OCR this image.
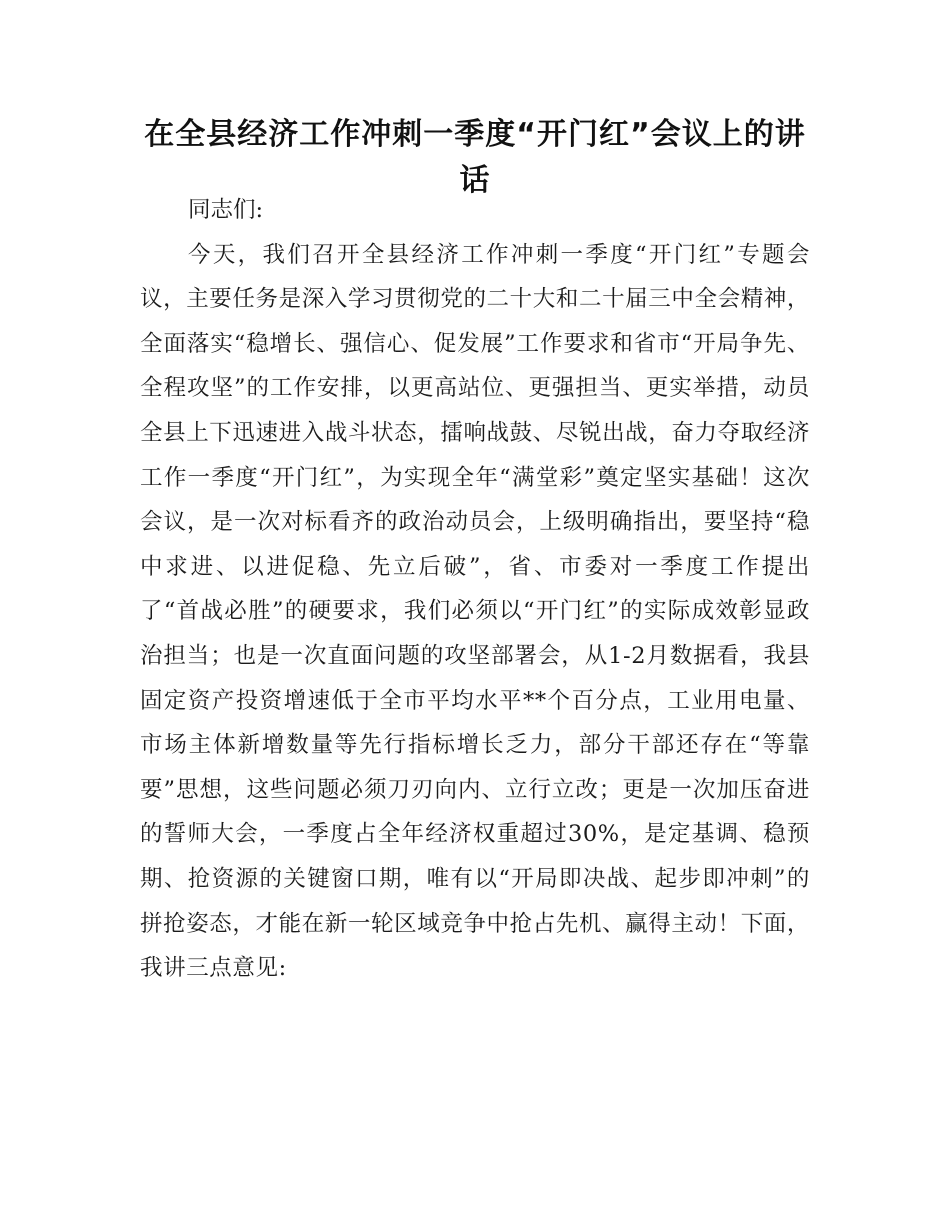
在全县经济工作冲刺一季度“开门红”会议上的讲话

同志们:

今天，我们召开全县经济工作冲刺一季度“开门红”专题会议，主要任务是深入学习贯彻党的二十大和二十届三中全会精神，全面落实“稳增长、强信心、促发展”工作要求和省市“开局争先、全程攻坚”的工作安排，以更高站位、更强担当、更实举措，动员全县上下迅速进入战斗状态，擂响战鼓、尽锐出战，奋力夺取经济工作一季度“开门红”，为实现全年“满堂彩”奠定坚实基础！这次会议，是一次对标看齐的政治动员会，上级明确指出，要坚持“稳中求进、以进促稳、先立后破”，省、市委对一季度工作提出了“首战必胜”的硬要求，我们必须以“开门红”的实际成效彰显政治担当；也是一次直面问题的攻坚部署会，从1-2月数据看，我县固定资产投资增速低于全市平均水平**个百分点，工业用电量、市场主体新增数量等先行指标增长乏力，部分干部还存在“等靠要”思想，这些问题必须刀刃向内、立行立改；更是一次加压奋进的誓师大会，一季度占全年经济权重超过30%，是定基调、稳预期、抢资源的关键窗口期，唯有以“开局即决战、起步即冲刺”的拼抢姿态，才能在新一轮区域竞争中抢占先机、赢得主动！下面，我讲三点意见:
